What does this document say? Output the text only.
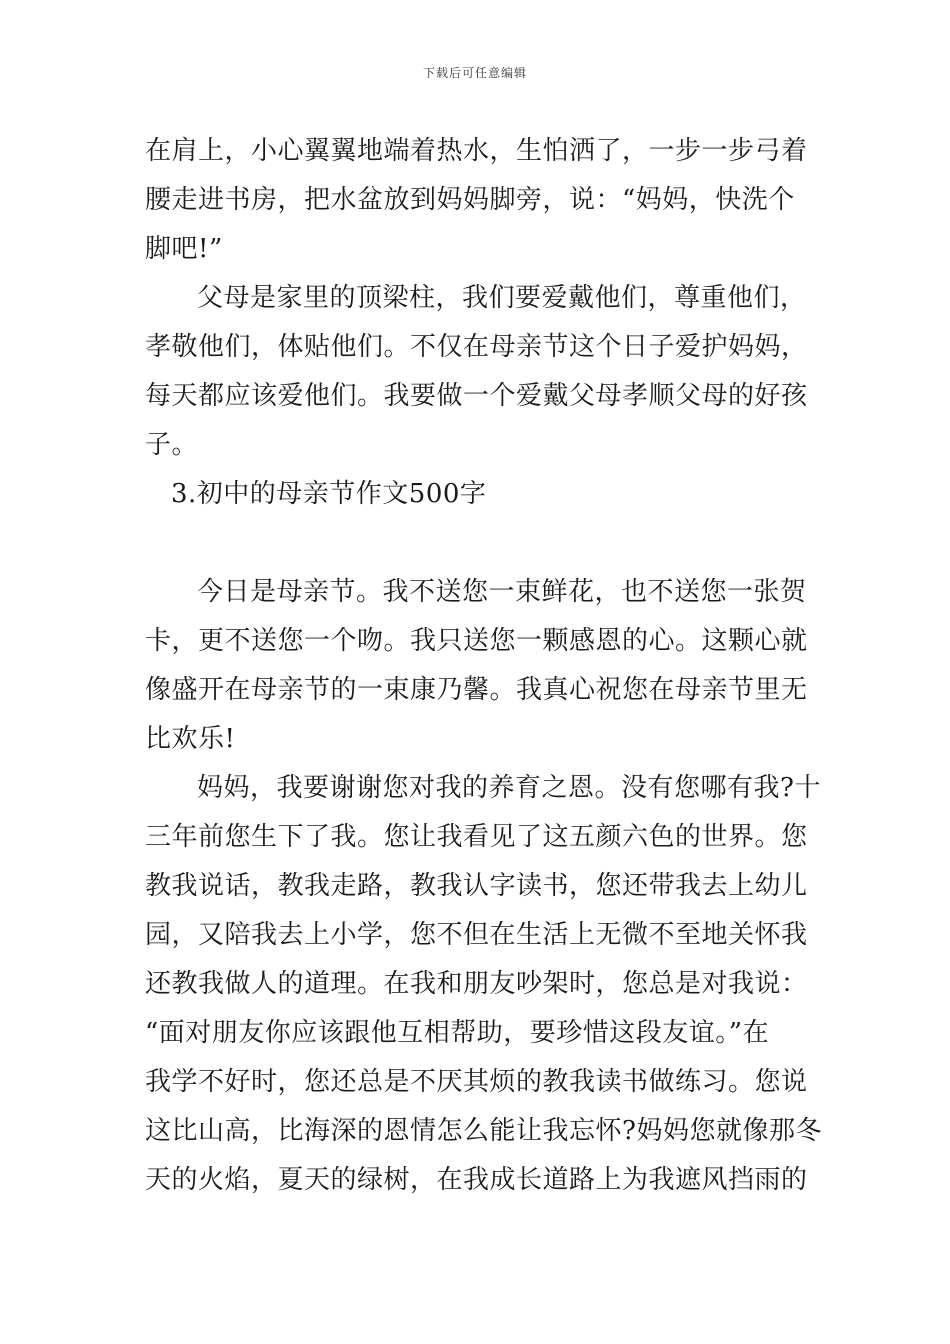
下载后可任意编辑
在肩上，小心翼翼地端着热水，生怕洒了，一步一步弓着
腰走进书房，把水盆放到妈妈脚旁，说：“妈妈，快洗个
脚吧!”
父母是家里的顶梁柱，我们要爱戴他们，尊重他们，
孝敬他们，体贴他们。不仅在母亲节这个日子爱护妈妈，
每天都应该爱他们。我要做一个爱戴父母孝顺父母的好孩
子。
3.初中的母亲节作文500字
今日是母亲节。我不送您一束鲜花，也不送您一张贺
卡，更不送您一个吻。我只送您一颗感恩的心。这颗心就
像盛开在母亲节的一束康乃馨。我真心祝您在母亲节里无
比欢乐!
妈妈，我要谢谢您对我的养育之恩。没有您哪有我?十
三年前您生下了我。您让我看见了这五颜六色的世界。您
教我说话，教我走路，教我认字读书，您还带我去上幼儿
园，又陪我去上小学，您不但在生活上无微不至地关怀我
还教我做人的道理。在我和朋友吵架时，您总是对我说：
“面对朋友你应该跟他互相帮助，要珍惜这段友谊。”在
我学不好时，您还总是不厌其烦的教我读书做练习。您说
这比山高，比海深的恩情怎么能让我忘怀?妈妈您就像那冬
天的火焰，夏天的绿树，在我成长道路上为我遮风挡雨的
